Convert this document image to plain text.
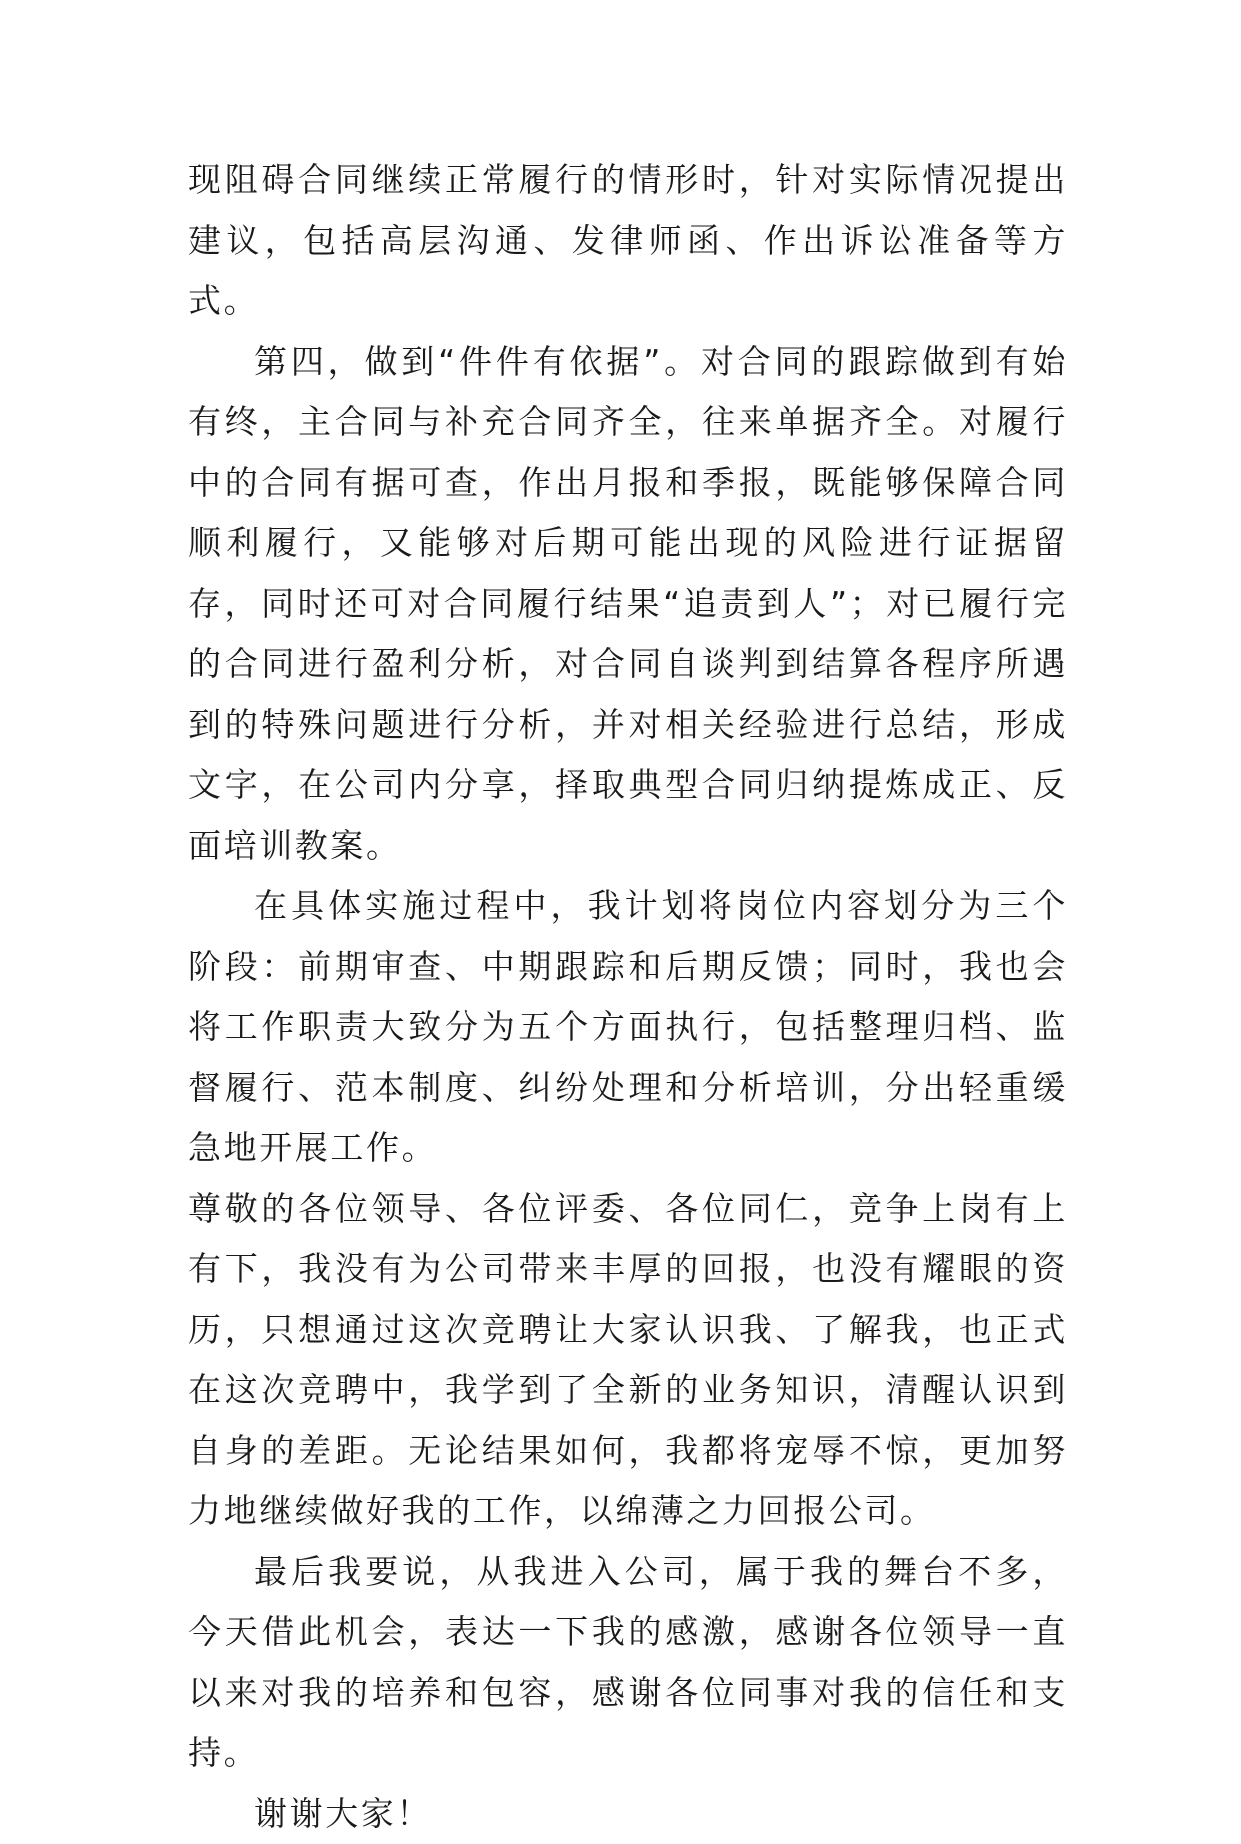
现阻碍合同继续正常履行的情形时，针对实际情况提出建议，包括高层沟通、发律师函、作出诉讼准备等方式。

第四，做到“件件有依据”。对合同的跟踪做到有始有终，主合同与补充合同齐全，往来单据齐全。对履行中的合同有据可查，作出月报和季报，既能够保障合同顺利履行，又能够对后期可能出现的风险进行证据留存，同时还可对合同履行结果“追责到人”；对已履行完的合同进行盈利分析，对合同自谈判到结算各程序所遇到的特殊问题进行分析，并对相关经验进行总结，形成文字，在公司内分享，择取典型合同归纳提炼成正、反面培训教案。

在具体实施过程中，我计划将岗位内容划分为三个阶段：前期审查、中期跟踪和后期反馈；同时，我也会将工作职责大致分为五个方面执行，包括整理归档、监督履行、范本制度、纠纷处理和分析培训，分出轻重缓急地开展工作。

尊敬的各位领导、各位评委、各位同仁，竞争上岗有上有下，我没有为公司带来丰厚的回报，也没有耀眼的资历，只想通过这次竞聘让大家认识我、了解我，也正式在这次竞聘中，我学到了全新的业务知识，清醒认识到自身的差距。无论结果如何，我都将宠辱不惊，更加努力地继续做好我的工作，以绵薄之力回报公司。

最后我要说，从我进入公司，属于我的舞台不多，今天借此机会，表达一下我的感激，感谢各位领导一直以来对我的培养和包容，感谢各位同事对我的信任和支持。

谢谢大家！
